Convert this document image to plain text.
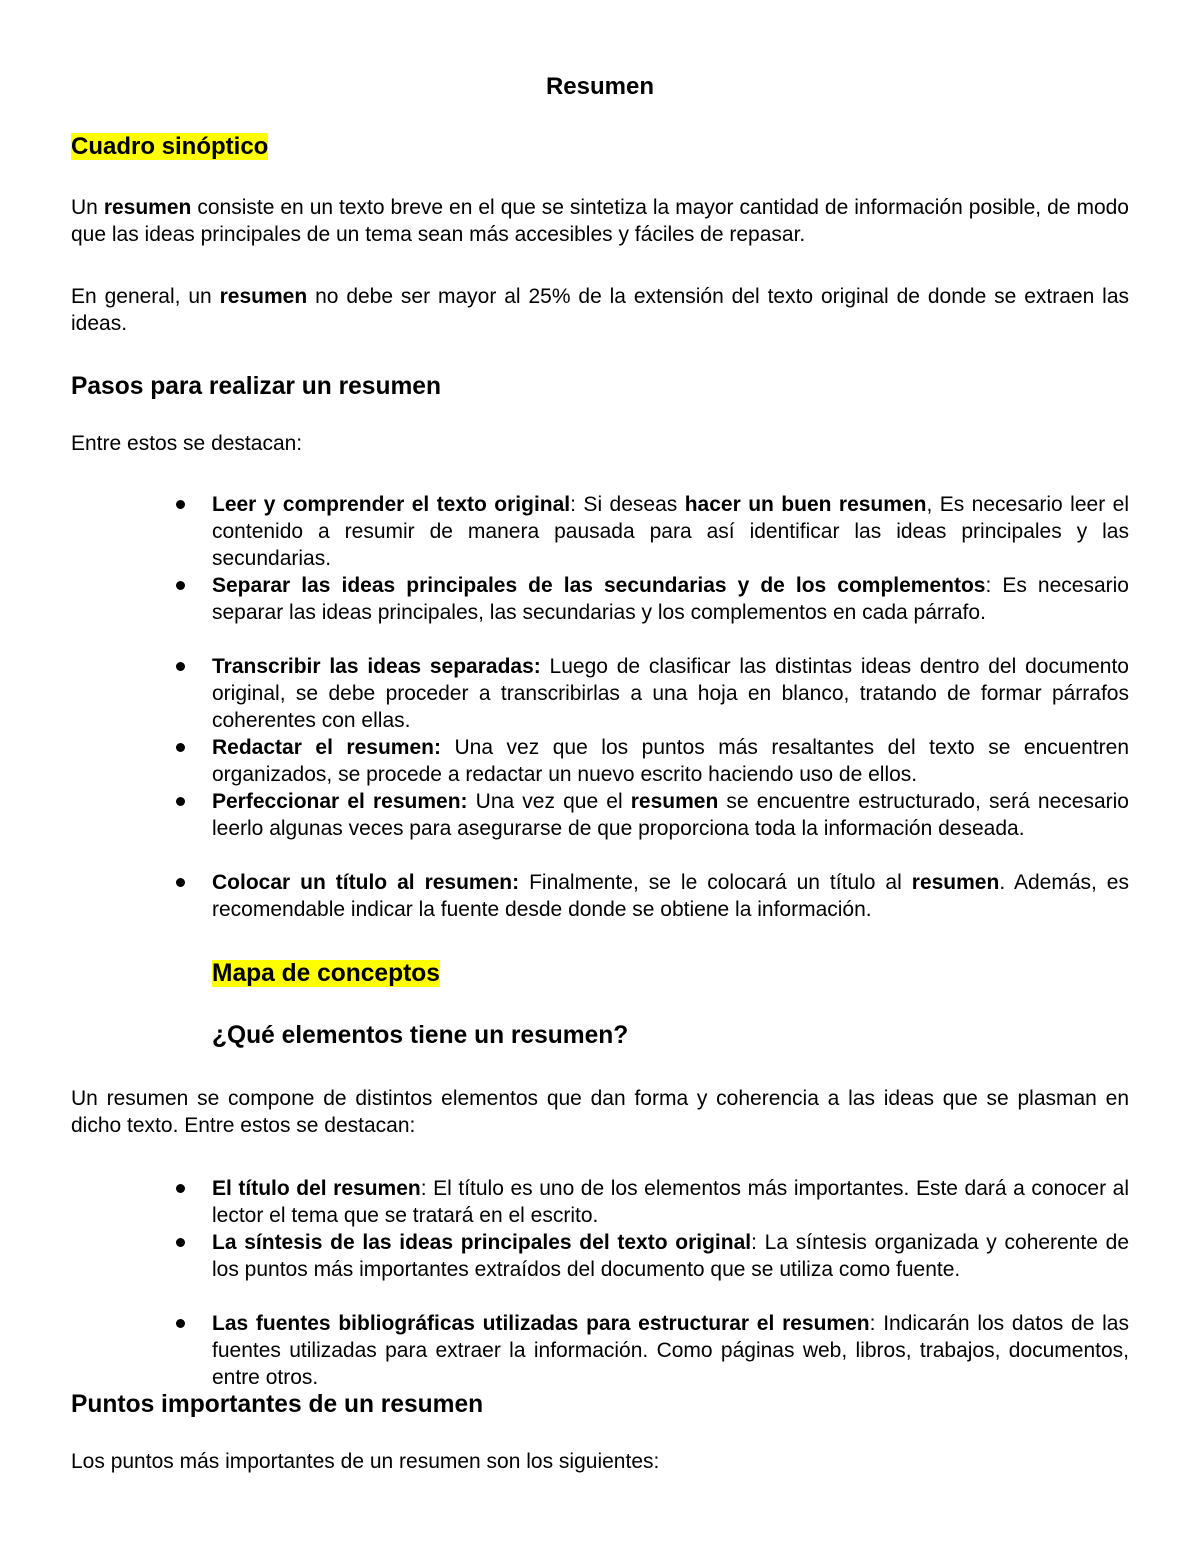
Resumen
Cuadro sinóptico

Un resumen consiste en un texto breve en el que se sintetiza la mayor cantidad de información posible, de modo que las ideas principales de un tema sean más accesibles y fáciles de repasar.

En general, un resumen no debe ser mayor al 25% de la extensión del texto original de donde se extraen las ideas.

Pasos para realizar un resumen

Entre estos se destacan:

Leer y comprender el texto original: Si deseas hacer un buen resumen, Es necesario leer el contenido a resumir de manera pausada para así identificar las ideas principales y las secundarias.
Separar las ideas principales de las secundarias y de los complementos: Es necesario separar las ideas principales, las secundarias y los complementos en cada párrafo.
Transcribir las ideas separadas: Luego de clasificar las distintas ideas dentro del documento original, se debe proceder a transcribirlas a una hoja en blanco, tratando de formar párrafos coherentes con ellas.
Redactar el resumen: Una vez que los puntos más resaltantes del texto se encuentren organizados, se procede a redactar un nuevo escrito haciendo uso de ellos.
Perfeccionar el resumen: Una vez que el resumen se encuentre estructurado, será necesario leerlo algunas veces para asegurarse de que proporciona toda la información deseada.
Colocar un título al resumen: Finalmente, se le colocará un título al resumen. Además, es recomendable indicar la fuente desde donde se obtiene la información.
Mapa de conceptos
¿Qué elementos tiene un resumen?

Un resumen se compone de distintos elementos que dan forma y coherencia a las ideas que se plasman en dicho texto. Entre estos se destacan:

El título del resumen: El título es uno de los elementos más importantes. Este dará a conocer al lector el tema que se tratará en el escrito.
La síntesis de las ideas principales del texto original: La síntesis organizada y coherente de los puntos más importantes extraídos del documento que se utiliza como fuente.
Las fuentes bibliográficas utilizadas para estructurar el resumen: Indicarán los datos de las fuentes utilizadas para extraer la información. Como páginas web, libros, trabajos, documentos, entre otros.
Puntos importantes de un resumen

Los puntos más importantes de un resumen son los siguientes:
